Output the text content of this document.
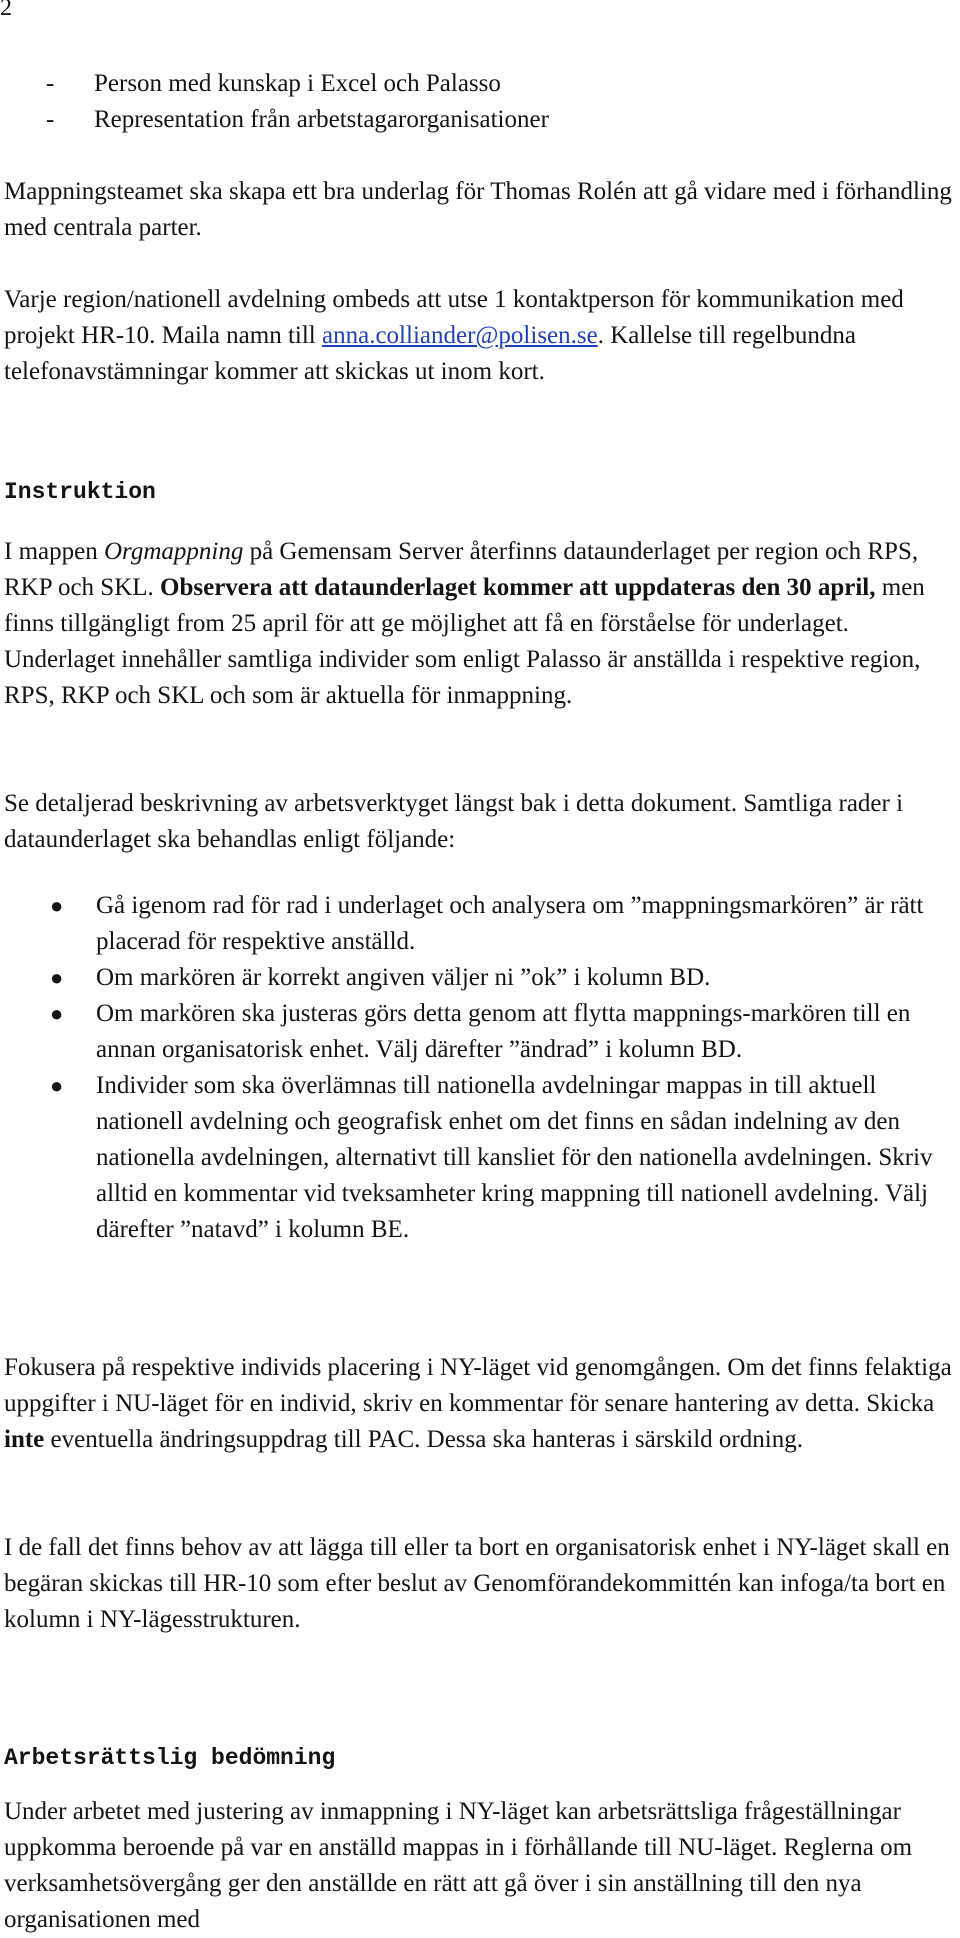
2
- Person med kunskap i Excel och Palasso
- Representation från arbetstagarorganisationer

Mappningsteamet ska skapa ett bra underlag för Thomas Rolén att gå vidare med i förhandling med centrala parter.

Varje region/nationell avdelning ombeds att utse 1 kontaktperson för kommunikation med projekt HR-10. Maila namn till anna.colliander@polisen.se. Kallelse till regelbundna telefonavstämningar kommer att skickas ut inom kort.

Instruktion

I mappen Orgmappning på Gemensam Server återfinns dataunderlaget per region och RPS, RKP och SKL. Observera att dataunderlaget kommer att uppdateras den 30 april, men finns tillgängligt from 25 april för att ge möjlighet att få en förståelse för underlaget. Underlaget innehåller samtliga individer som enligt Palasso är anställda i respektive region, RPS, RKP och SKL och som är aktuella för inmappning.

Se detaljerad beskrivning av arbetsverktyget längst bak i detta dokument. Samtliga rader i dataunderlaget ska behandlas enligt följande:

● Gå igenom rad för rad i underlaget och analysera om ”mappningsmarkören” är rätt placerad för respektive anställd.
● Om markören är korrekt angiven väljer ni ”ok” i kolumn BD.
● Om markören ska justeras görs detta genom att flytta mappnings-markören till en annan organisatorisk enhet. Välj därefter ”ändrad” i kolumn BD.
● Individer som ska överlämnas till nationella avdelningar mappas in till aktuell nationell avdelning och geografisk enhet om det finns en sådan indelning av den nationella avdelningen, alternativt till kansliet för den nationella avdelningen. Skriv alltid en kommentar vid tveksamheter kring mappning till nationell avdelning. Välj därefter ”natavd” i kolumn BE.

Fokusera på respektive individs placering i NY-läget vid genomgången. Om det finns felaktiga uppgifter i NU-läget för en individ, skriv en kommentar för senare hantering av detta. Skicka inte eventuella ändringsuppdrag till PAC. Dessa ska hanteras i särskild ordning.

I de fall det finns behov av att lägga till eller ta bort en organisatorisk enhet i NY-läget skall en begäran skickas till HR-10 som efter beslut av Genomförandekommittén kan infoga/ta bort en kolumn i NY-lägesstrukturen.

Arbetsrättslig bedömning

Under arbetet med justering av inmappning i NY-läget kan arbetsrättsliga frågeställningar uppkomma beroende på var en anställd mappas in i förhållande till NU-läget. Reglerna om verksamhetsövergång ger den anställde en rätt att gå över i sin anställning till den nya organisationen med
